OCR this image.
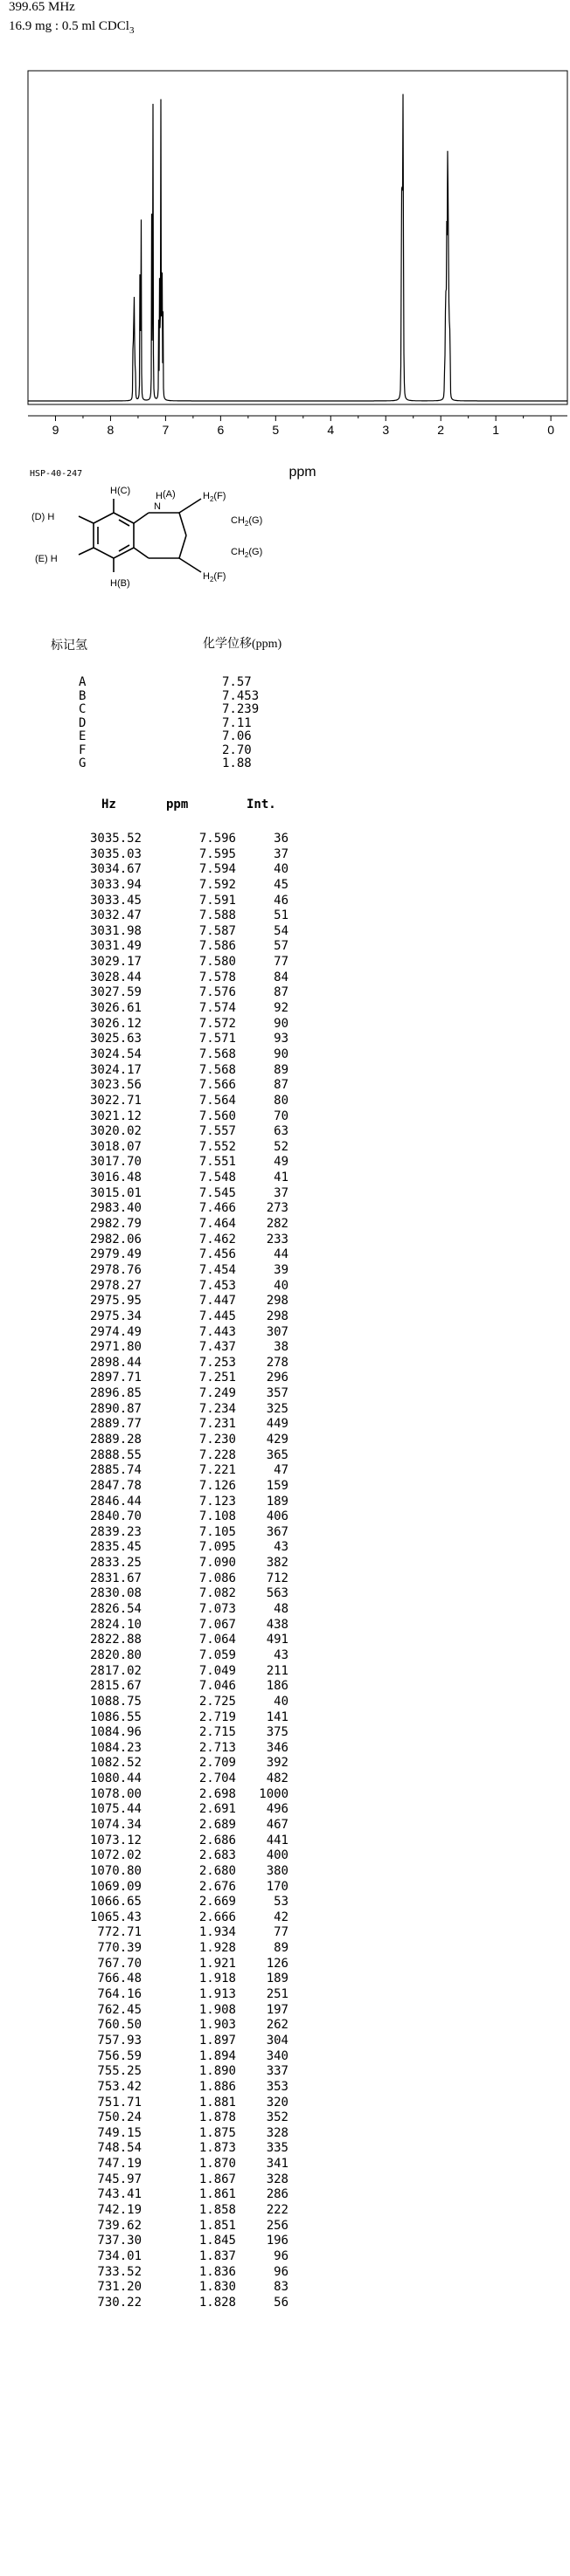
399.65 MHz
16.9 mg : 0.5 ml CDCl$_3$
9	8	7	6	5	4	3	2	1	0
ppm
HSP-40-247
H(C)	(A)
(D) H
N
H
(E) H
H(B)
$H_2(F)$
$CH_2(G)$
$CH_2(G)$
$H_2(F)$
标记氢	化学位移(ppm)
A	7.57
B	7.453
C	7.239
D	7.11
E	7.06
F	2.70
G	1.88
Hz	ppm	Int.
3035.52	7.596	36
3035.03	7.595	37
3034.67	7.594	40
3033.94	7.592	45
3033.45	7.591	46
3032.47	7.588	51
3031.98	7.587	54
3031.49	7.586	57
3029.17	7.580	77
3028.44	7.578	84
3027.59	7.576	87
3026.61	7.574	92
3026.12	7.572	90
3025.63	7.571	93
3024.54	7.568	90
3024.17	7.568	89
3023.56	7.566	87
3022.71	7.564	80
3021.12	7.560	70
3020.02	7.557	63
3018.07	7.552	52
3017.70	7.551	49
3016.48	7.548	41
3015.01	7.545	37
2983.40	7.466 273
2982.79	7.464 282
2982.06	7.462 233
2979.49	7.456	44
2978.76	7.454	39
2978.27	7.453	40
2975.95	7.447 298
2975.34	7.445 298
2974.49	7.443 307
2971.80	7.437	38
2898.44	7.253 278
2897.71	7.251 296
2896.85	7.249 357
2890.87	7.234 325
2889.77	7.231 449
2889.28	7.230 429
2888.55	7.228 365
2885.74	7.221	47
2847.78	7.126 159
2846.44	7.123 189
2840.70	7.108 406
2839.23	7.105 367
2835.45	7.095	43
2833.25	7.090 382
2831.67	7.086 712
2830.08	7.082 563
2826.54	7.073	48
2824.10	7.067 438
2822.88	7.064 491
2820.80	7.059	43
2817.02	7.049 211
2815.67	7.046 186
1088.75	2.725	40
1086.55	2.719 141
1084.96	2.715 375
1084.23	2.713 346
1082.52	2.709 392
1080.44	2.704 482
1078.00	2.698 1000
1075.44	2.691 496
1074.34	2.689 467
1073.12	2.686 441
1072.02	2.683 400
1070.80	2.680 380
1069.09	2.676 170
1066.65	2.669	53
1065.43	2.666	42
772.71	1.934	77
770.39	1.928	89
767.70	1.921 126
766.48	1.918 189
764.16	1.913 251
762.45	1.908 197
760.50	1.903 262
757.93	1.897 304
756.59	1.894 340
755.25	1.890 337
753.42	1.886 353
751.71	1.881 320
750.24	1.878 352
749.15	1.875 328
748.54	1.873 335
747.19	1.870 341
745.97	1.867 328
743.41	1.861 286
742.19	1.858 222
739.62	1.851 256
737.30	1.845 196
734.01	1.837	96
733.52	1.836	96
731.20	1.830	83
730.22	1.828	56
